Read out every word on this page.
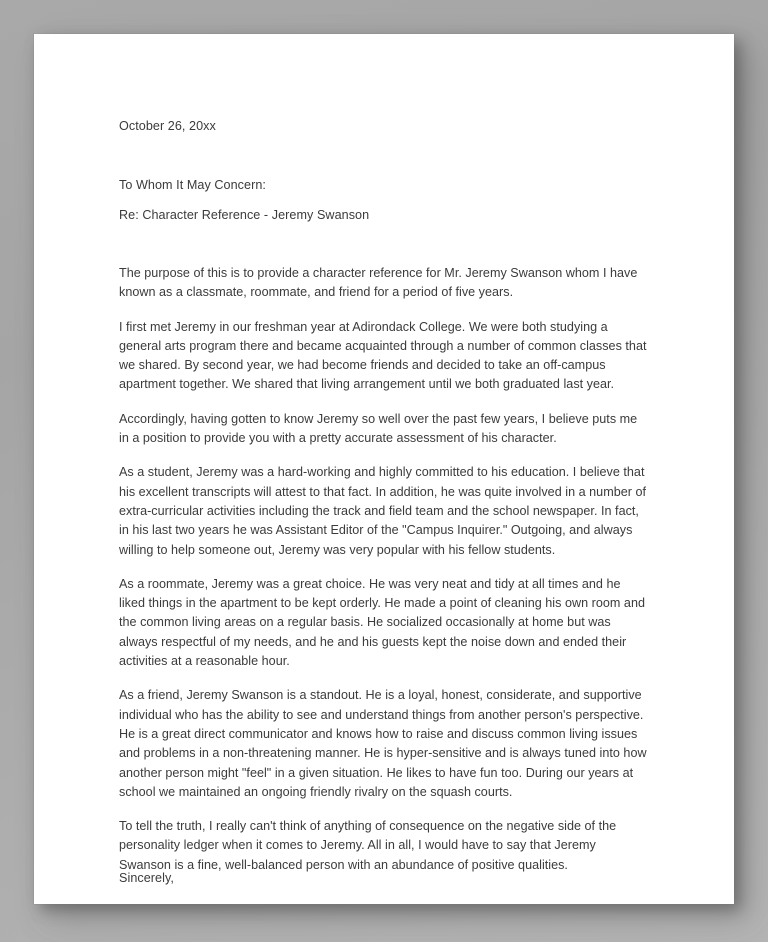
October 26, 20xx
To Whom It May Concern:
Re: Character Reference - Jeremy Swanson

The purpose of this is to provide a character reference for Mr. Jeremy Swanson whom I have known as a classmate, roommate, and friend for a period of five years.

I first met Jeremy in our freshman year at Adirondack College. We were both studying a general arts program there and became acquainted through a number of common classes that we shared. By second year, we had become friends and decided to take an off-campus apartment together. We shared that living arrangement until we both graduated last year.

Accordingly, having gotten to know Jeremy so well over the past few years, I believe puts me in a position to provide you with a pretty accurate assessment of his character.

As a student, Jeremy was a hard-working and highly committed to his education. I believe that his excellent transcripts will attest to that fact. In addition, he was quite involved in a number of extra-curricular activities including the track and field team and the school newspaper. In fact, in his last two years he was Assistant Editor of the "Campus Inquirer." Outgoing, and always willing to help someone out, Jeremy was very popular with his fellow students.

As a roommate, Jeremy was a great choice. He was very neat and tidy at all times and he liked things in the apartment to be kept orderly. He made a point of cleaning his own room and the common living areas on a regular basis. He socialized occasionally at home but was always respectful of my needs, and he and his guests kept the noise down and ended their activities at a reasonable hour.

As a friend, Jeremy Swanson is a standout. He is a loyal, honest, considerate, and supportive individual who has the ability to see and understand things from another person's perspective. He is a great direct communicator and knows how to raise and discuss common living issues and problems in a non-threatening manner. He is hyper-sensitive and is always tuned into how another person might "feel" in a given situation. He likes to have fun too. During our years at school we maintained an ongoing friendly rivalry on the squash courts.

To tell the truth, I really can't think of anything of consequence on the negative side of the personality ledger when it comes to Jeremy. All in all, I would have to say that Jeremy Swanson is a fine, well-balanced person with an abundance of positive qualities.

Sincerely,
